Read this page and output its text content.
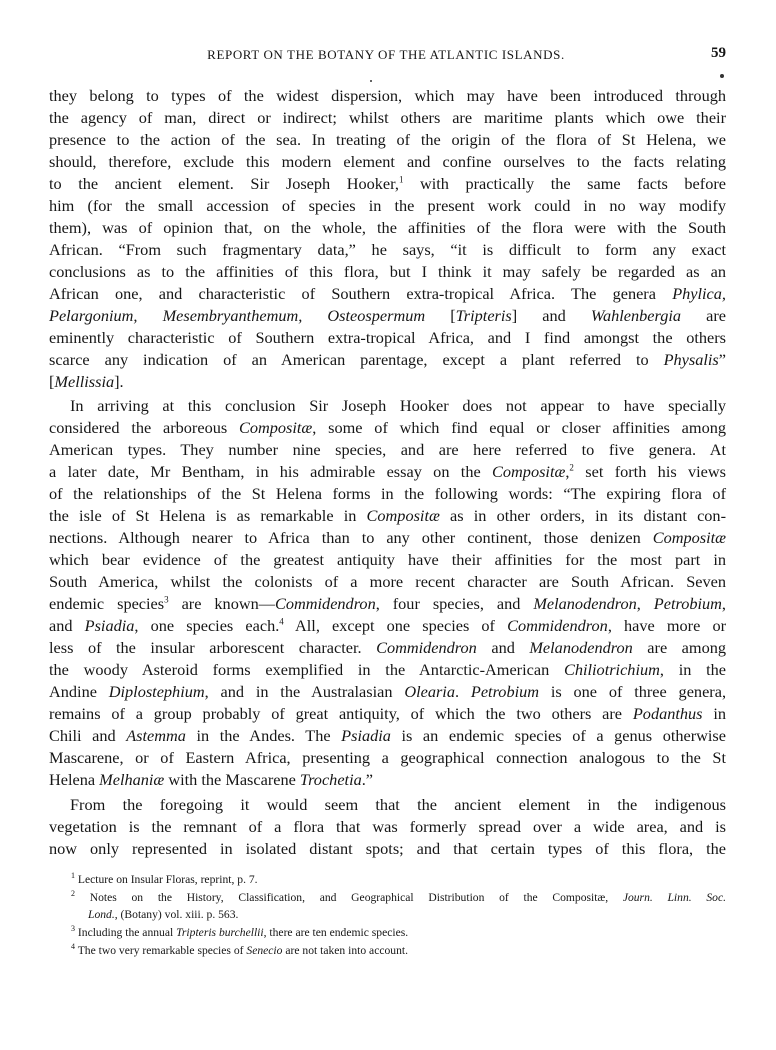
REPORT ON THE BOTANY OF THE ATLANTIC ISLANDS.	59
they belong to types of the widest dispersion, which may have been introduced through
the agency of man, direct or indirect; whilst others are maritime plants which owe their
presence to the action of the sea. In treating of the origin of the flora of St Helena, we
should, therefore, exclude this modern element and confine ourselves to the facts relating
to the ancient element. Sir Joseph Hooker,$^1$ with practically the same facts before
him (for the small accession of species in the present work could in no way modify
them), was of opinion that, on the whole, the affinities of the flora were with the South
African. “From such fragmentary data,” he says, “it is difficult to form any exact
conclusions as to the affinities of this flora, but I think it may safely be regarded as an
African one, and characteristic of Southern extra-tropical Africa. The genera Phylica,
Pelargonium, Mesembryanthemum, Osteospermum [Tripteris] and Wahlenbergia are
eminently characteristic of Southern extra-tropical Africa, and I find amongst the others
scarce any indication of an American parentage, except a plant referred to Physalis”
[Mellissia].
In arriving at this conclusion Sir Joseph Hooker does not appear to have specially
considered the arboreous Compositæ, some of which find equal or closer affinities among
American types. They number nine species, and are here referred to five genera. At
a later date, Mr Bentham, in his admirable essay on the Compositæ,$^2$ set forth his views
of the relationships of the St Helena forms in the following words: “The expiring flora of
the isle of St Helena is as remarkable in Compositæ as in other orders, in its distant con-
nections. Although nearer to Africa than to any other continent, those denizen Compositæ
which bear evidence of the greatest antiquity have their affinities for the most part in
South America, whilst the colonists of a more recent character are South African. Seven
endemic species$^3$ are known—Commidendron, four species, and Melanodendron, Petrobium,
and Psiadia, one species each.$^4$ All, except one species of Commidendron, have more or
less of the insular arborescent character. Commidendron and Melanodendron are among
the woody Asteroid forms exemplified in the Antarctic-American Chiliotrichium, in the
Andine Diplostephium, and in the Australasian Olearia. Petrobium is one of three genera,
remains of a group probably of great antiquity, of which the two others are Podanthus in
Chili and Astemma in the Andes. The Psiadia is an endemic species of a genus otherwise
Mascarene, or of Eastern Africa, presenting a geographical connection analogous to the St
Helena Melhaniæ with the Mascarene Trochetia.”
From the foregoing it would seem that the ancient element in the indigenous
vegetation is the remnant of a flora that was formerly spread over a wide area, and is
now only represented in isolated distant spots; and that certain types of this flora, the
$^1$ Lecture on Insular Floras, reprint, p. 7.
$^2$ Notes on the History, Classification, and Geographical Distribution of the Compositæ, Journ. Linn. Soc.
Lond., (Botany) vol. xiii. p. 563.
$^3$ Including the annual Tripteris burchellii, there are ten endemic species.
$^4$ The two very remarkable species of Senecio are not taken into account.
